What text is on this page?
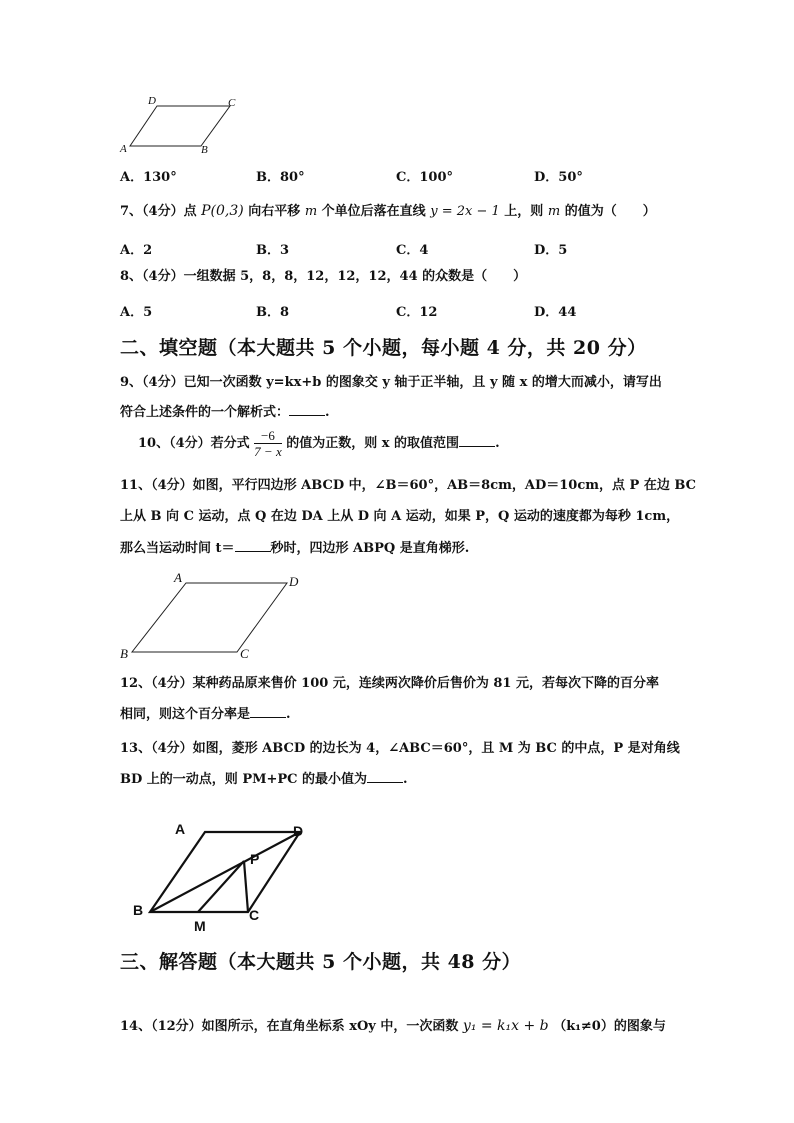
D	C
A	B
A．130°	B．80°	C．100°	D．50°
7、（4分）点 P(0,3) 向右平移 m 个单位后落在直线 y = 2x − 1 上，则 m 的值为（　　）
A．2	B．3	C．4	D．5
8、（4分）一组数据 5，8，8，12，12，12，44 的众数是（　　）
A．5	B．8	C．12	D．44
二、填空题（本大题共 5 个小题，每小题 4 分，共 20 分）
9、（4分）已知一次函数 y=kx+b 的图象交 y 轴于正半轴，且 y 随 x 的增大而减小，请写出
符合上述条件的一个解析式：	.
10、（4分）若分式 $\frac{-6}{7 - x}$ 的值为正数，则 x 的取值范围	.
11、（4分）如图，平行四边形 ABCD 中，∠B＝60°，AB＝8cm，AD＝10cm，点 P 在边 BC
上从 B 向 C 运动，点 Q 在边 DA 上从 D 向 A 运动，如果 P，Q 运动的速度都为每秒 1cm，
那么当运动时间 t＝	秒时，四边形 ABPQ 是直角梯形.
A	D
B	C
12、（4分）某种药品原来售价 100 元，连续两次降价后售价为 81 元，若每次下降的百分率
相同，则这个百分率是	.
13、（4分）如图，菱形 ABCD 的边长为 4，∠ABC＝60°，且 M 为 BC 的中点，P 是对角线
BD 上的一动点，则 PM+PC 的最小值为	.
A	D
P
B
M
C
三、解答题（本大题共 5 个小题，共 48 分）
14、（12分）如图所示，在直角坐标系 xOy 中，一次函数 y₁ = k₁x + b （k₁≠0）的图象与
